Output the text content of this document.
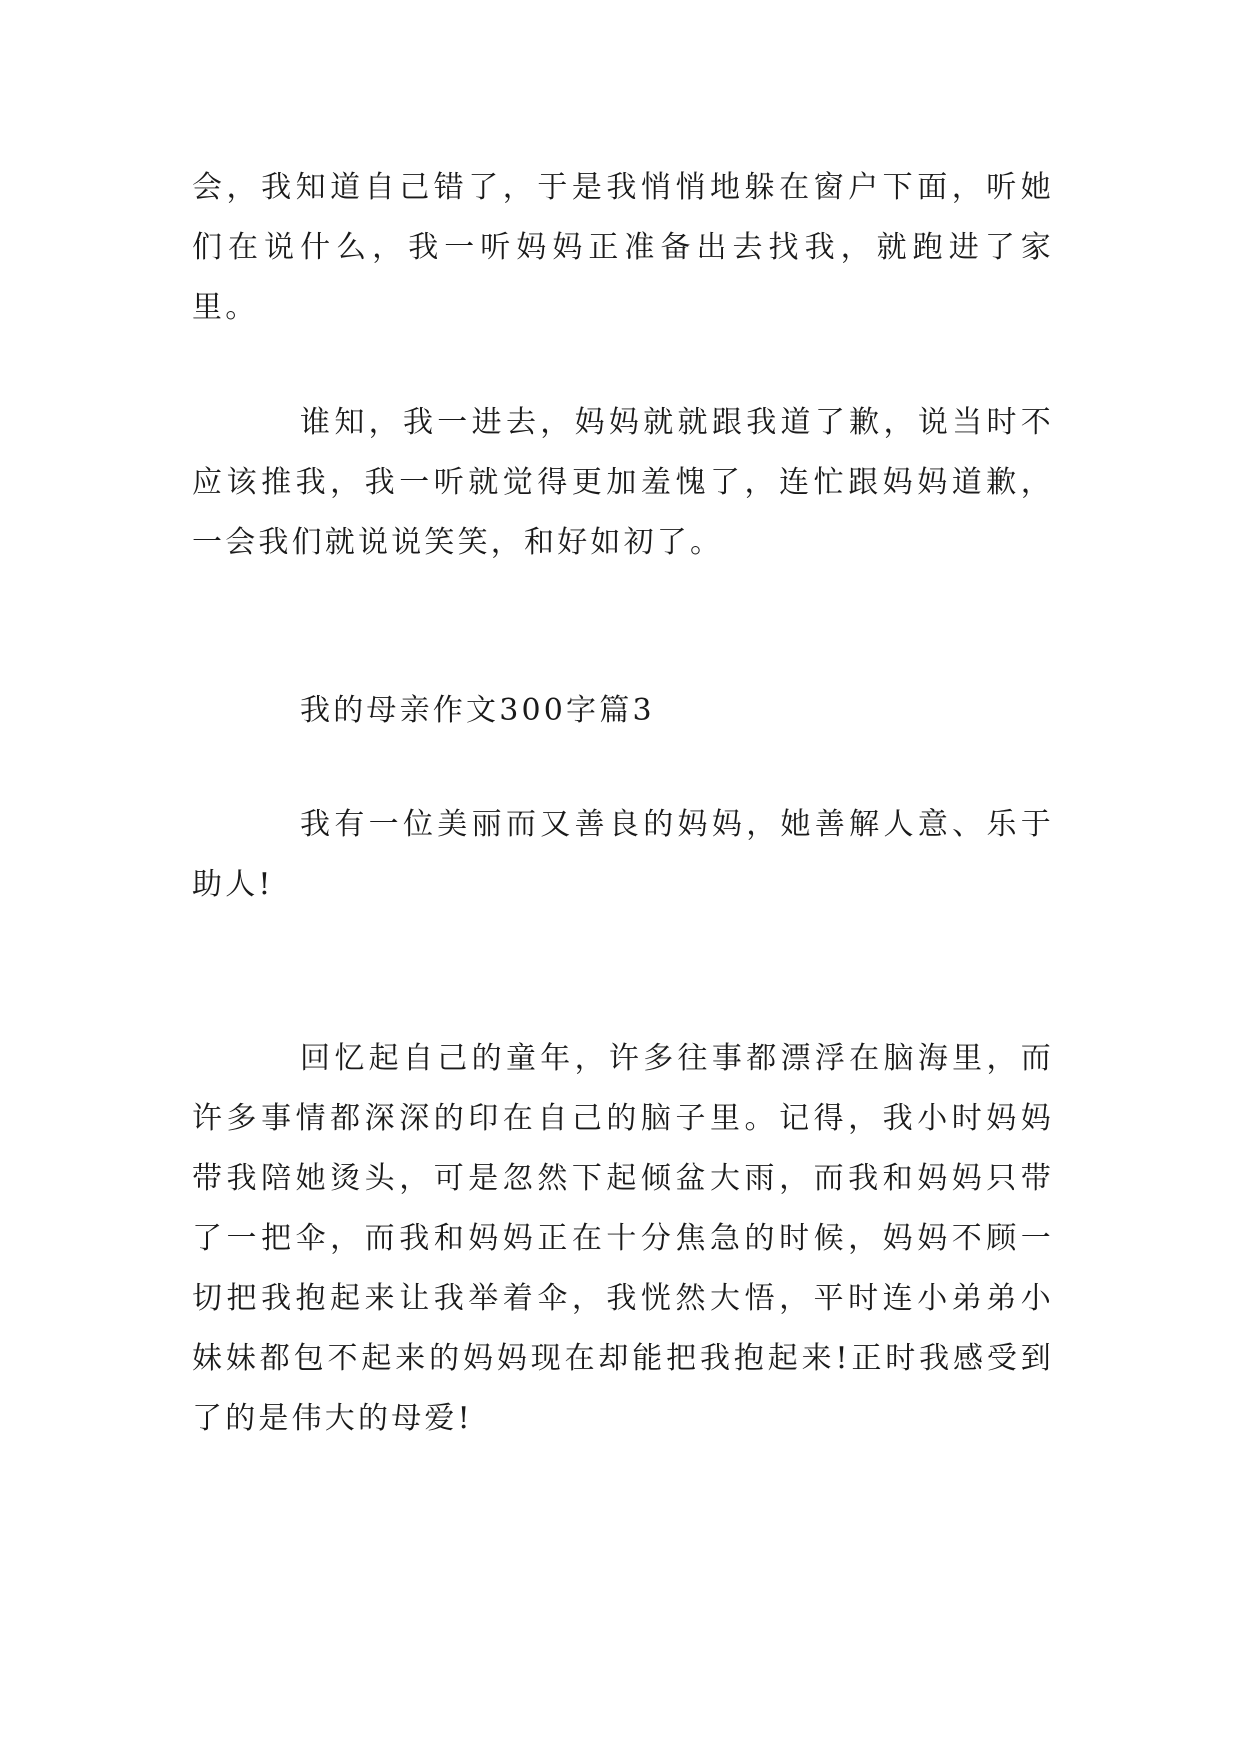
会，我知道自己错了，于是我悄悄地躲在窗户下面，听她们在说什么，我一听妈妈正准备出去找我，就跑进了家里。

谁知，我一进去，妈妈就就跟我道了歉，说当时不应该推我，我一听就觉得更加羞愧了，连忙跟妈妈道歉，一会我们就说说笑笑，和好如初了。

我的母亲作文300字篇3

我有一位美丽而又善良的妈妈，她善解人意、乐于助人!

回忆起自己的童年，许多往事都漂浮在脑海里，而许多事情都深深的印在自己的脑子里。记得，我小时妈妈带我陪她烫头，可是忽然下起倾盆大雨，而我和妈妈只带了一把伞，而我和妈妈正在十分焦急的时候，妈妈不顾一切把我抱起来让我举着伞，我恍然大悟，平时连小弟弟小妹妹都包不起来的妈妈现在却能把我抱起来!正时我感受到了的是伟大的母爱!
